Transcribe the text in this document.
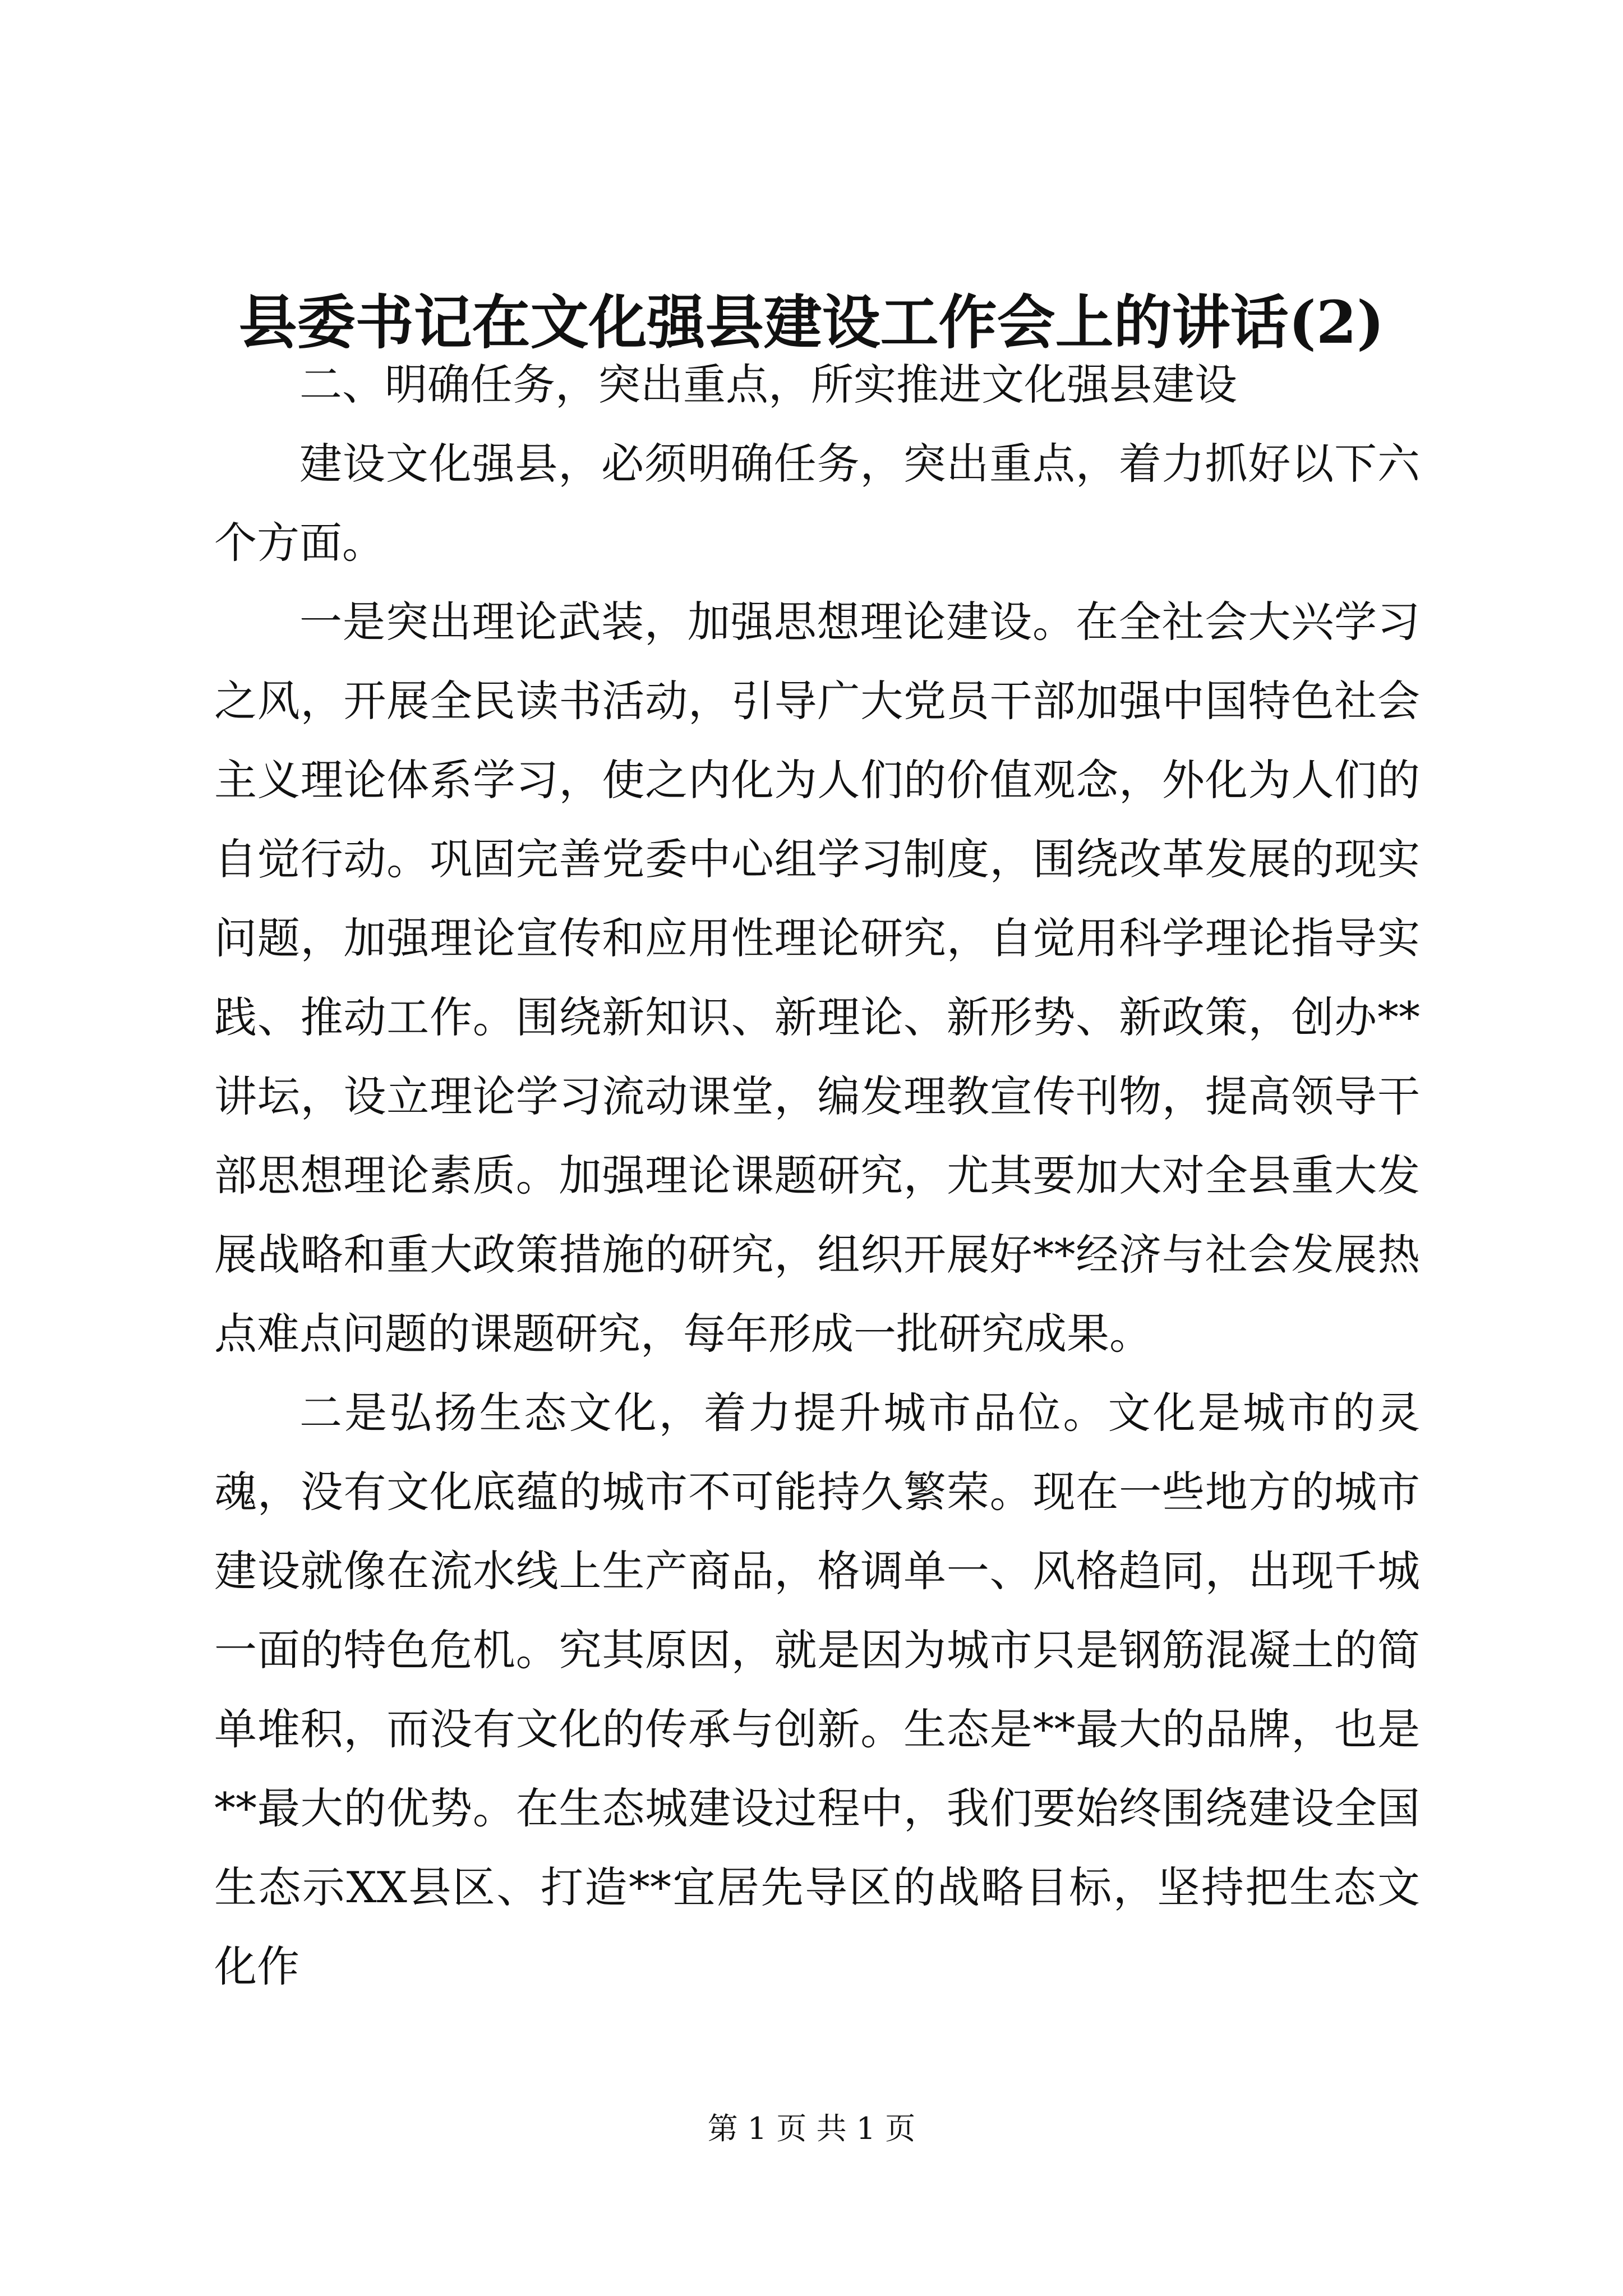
县委书记在文化强县建设工作会上的讲话(2)

二、明确任务，突出重点，所实推进文化强县建设

建设文化强县，必须明确任务，突出重点，着力抓好以下六个方面。

一是突出理论武装，加强思想理论建设。在全社会大兴学习之风，开展全民读书活动，引导广大党员干部加强中国特色社会主义理论体系学习，使之内化为人们的价值观念，外化为人们的自觉行动。巩固完善党委中心组学习制度，围绕改革发展的现实问题，加强理论宣传和应用性理论研究，自觉用科学理论指导实践、推动工作。围绕新知识、新理论、新形势、新政策，创办**讲坛，设立理论学习流动课堂，编发理教宣传刊物，提高领导干部思想理论素质。加强理论课题研究，尤其要加大对全县重大发展战略和重大政策措施的研究，组织开展好**经济与社会发展热点难点问题的课题研究，每年形成一批研究成果。

二是弘扬生态文化，着力提升城市品位。文化是城市的灵魂，没有文化底蕴的城市不可能持久繁荣。现在一些地方的城市建设就像在流水线上生产商品，格调单一、风格趋同，出现千城一面的特色危机。究其原因，就是因为城市只是钢筋混凝土的简单堆积，而没有文化的传承与创新。生态是**最大的品牌，也是**最大的优势。在生态城建设过程中，我们要始终围绕建设全国生态示XX县区、打造**宜居先导区的战略目标，坚持把生态文化作

第 1 页 共 1 页
